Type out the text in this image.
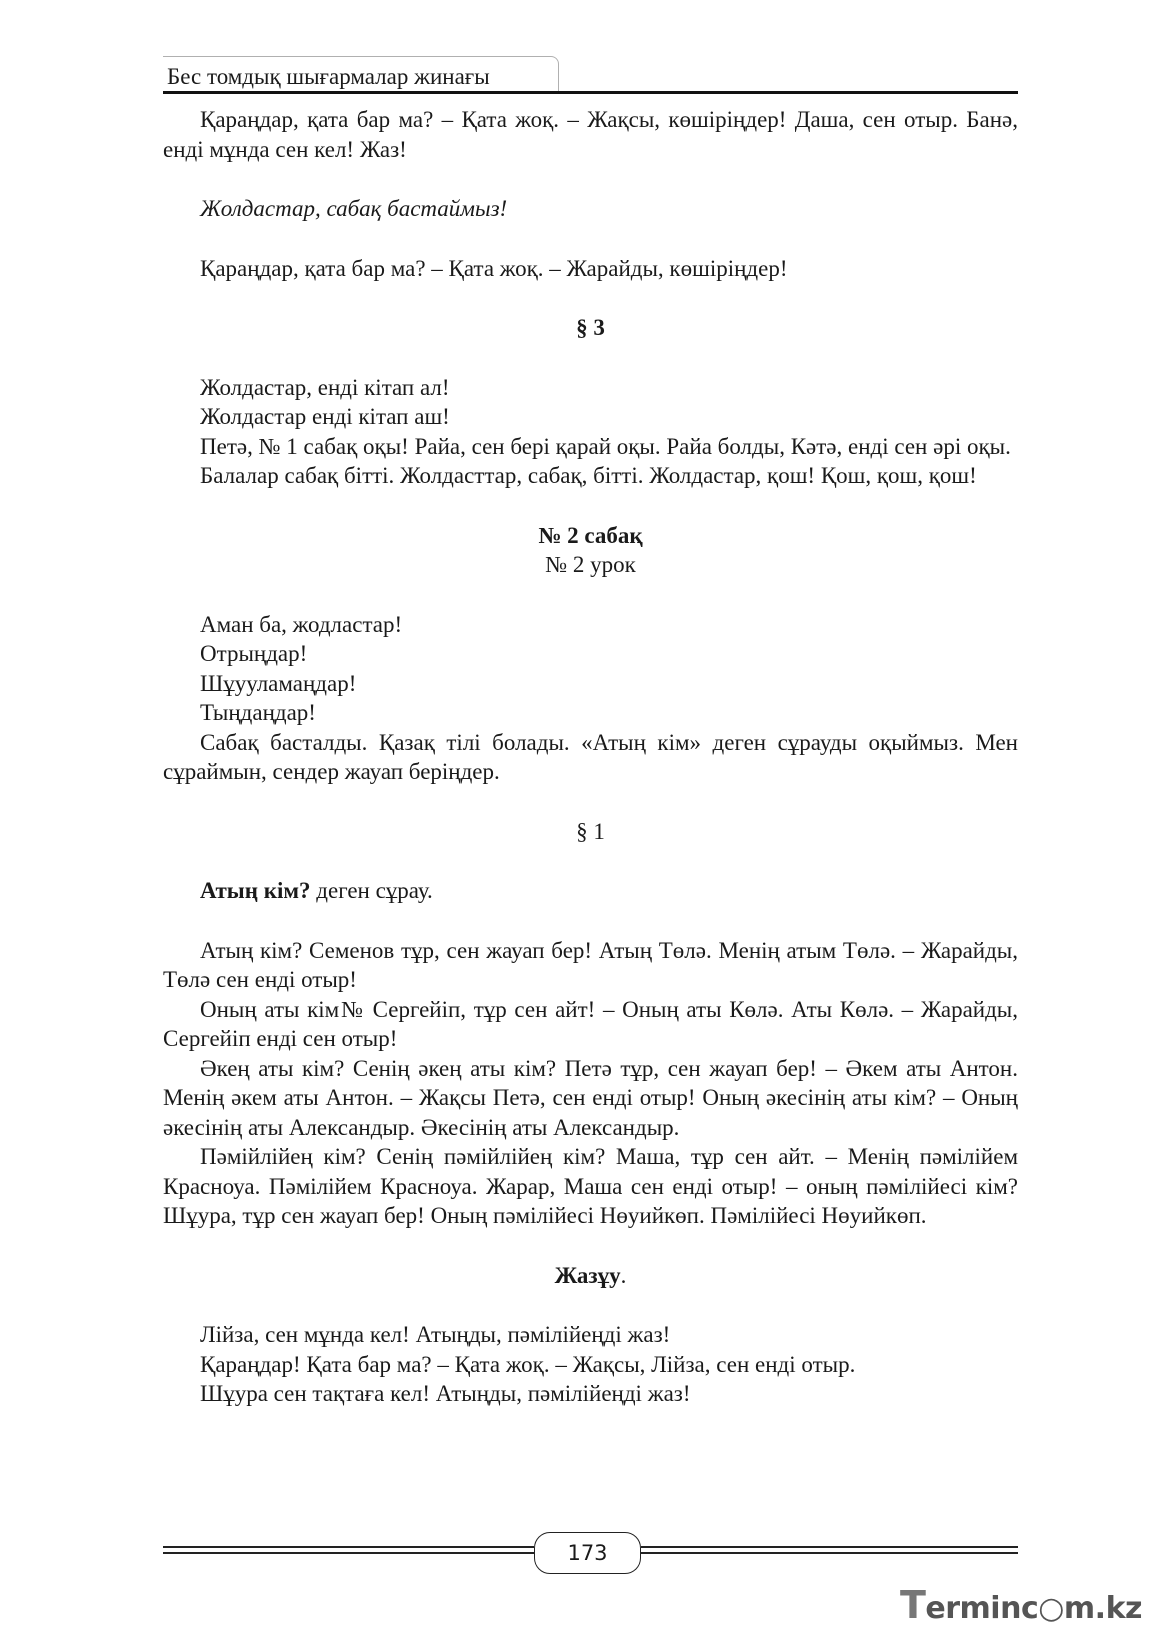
Бес томдық шығармалар жинағы

Қараңдар, қата бар ма? – Қата жоқ. – Жақсы, көшіріңдер! Даша, сен отыр. Банә, енді мұнда сен кел! Жаз!

Жолдастар, сабақ бастаймыз!

Қараңдар, қата бар ма? – Қата жоқ. – Жарайды, көшіріңдер!

§ 3

Жолдастар, енді кітап ал!

Жолдастар енді кітап аш!

Петә, № 1 сабақ оқы! Райа, сен бері қарай оқы. Райа болды, Кәтә, енді сен әрі оқы.

Балалар сабақ бітті. Жолдасттар, сабақ, бітті. Жолдастар, қош! Қош, қош, қош!

№ 2 сабақ

№ 2 урок

Аман ба, жодластар!

Отрыңдар!

Шұууламаңдар!

Тыңдаңдар!

Сабақ басталды. Қазақ тілі болады. «Атың кім» деген сұрауды оқыймыз. Мен сұраймын, сендер жауап беріңдер.

§ 1

Атың кім? деген сұрау.

Атың кім? Семенов тұр, сен жауап бер! Атың Төлә. Менің атым Төлә. – Жарайды, Төлә сен енді отыр!

Оның аты кім№ Сергейіп, тұр сен айт! – Оның аты Көлә. Аты Көлә. – Жарайды, Сергейіп енді сен отыр!

Әкең аты кім? Сенің әкең аты кім? Петә тұр, сен жауап бер! – Әкем аты Антон. Менің әкем аты Антон. – Жақсы Петә, сен енді отыр! Оның әкесінің аты кім? – Оның әкесінің аты Александыр. Әкесінің аты Александыр.

Пәмійлійең кім? Сенің пәмійлійең кім? Маша, тұр сен айт. – Менің пәмілійем Красноуа. Пәмілійем Красноуа. Жарар, Маша сен енді отыр! – оның пәмілійесі кім? Шұура, тұр сен жауап бер! Оның пәмілійесі Нөуийкөп. Пәмілійесі Нөуийкөп.

Жазұу.

Лійза, сен мұнда кел! Атыңды, пәмілійеңді жаз!

Қараңдар! Қата бар ма? – Қата жоқ. – Жақсы, Лійза, сен енді отыр.

Шұура сен тақтаға кел! Атыңды, пәмілійеңді жаз!

173
Terminc○m.kz
